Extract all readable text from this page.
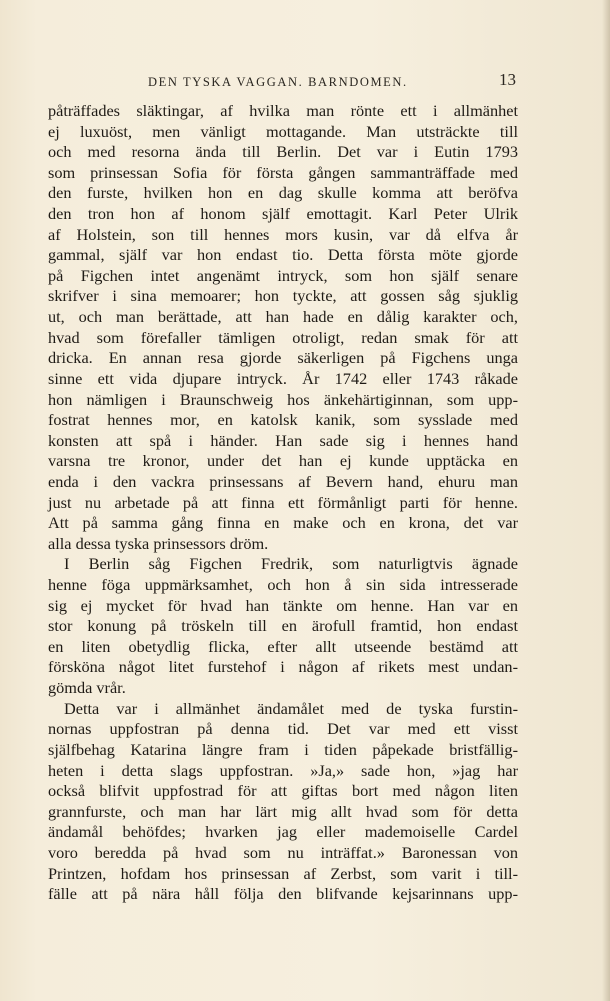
DEN TYSKA VAGGAN. BARNDOMEN.	13
påträffades släktingar, af hvilka man rönte ett i allmänhet
ej luxuöst, men vänligt mottagande. Man utsträckte till
och med resorna ända till Berlin. Det var i Eutin 1793
som prinsessan Sofia för första gången sammanträffade med
den furste, hvilken hon en dag skulle komma att beröfva
den tron hon af honom själf emottagit. Karl Peter Ulrik
af Holstein, son till hennes mors kusin, var då elfva år
gammal, själf var hon endast tio. Detta första möte gjorde
på Figchen intet angenämt intryck, som hon själf senare
skrifver i sina memoarer; hon tyckte, att gossen såg sjuklig
ut, och man berättade, att han hade en dålig karakter och,
hvad som förefaller tämligen otroligt, redan smak för att
dricka. En annan resa gjorde säkerligen på Figchens unga
sinne ett vida djupare intryck. År 1742 eller 1743 råkade
hon nämligen i Braunschweig hos änkehärtiginnan, som upp-
fostrat hennes mor, en katolsk kanik, som sysslade med
konsten att spå i händer. Han sade sig i hennes hand
varsna tre kronor, under det han ej kunde upptäcka en
enda i den vackra prinsessans af Bevern hand, ehuru man
just nu arbetade på att finna ett förmånligt parti för henne.
Att på samma gång finna en make och en krona, det var
alla dessa tyska prinsessors dröm.
I Berlin såg Figchen Fredrik, som naturligtvis ägnade
henne föga uppmärksamhet, och hon å sin sida intresserade
sig ej mycket för hvad han tänkte om henne. Han var en
stor konung på tröskeln till en ärofull framtid, hon endast
en liten obetydlig flicka, efter allt utseende bestämd att
försköna något litet furstehof i någon af rikets mest undan-
gömda vrår.
Detta var i allmänhet ändamålet med de tyska furstin-
nornas uppfostran på denna tid. Det var med ett visst
själfbehag Katarina längre fram i tiden påpekade bristfällig-
heten i detta slags uppfostran. »Ja,» sade hon, »jag har
också blifvit uppfostrad för att giftas bort med någon liten
grannfurste, och man har lärt mig allt hvad som för detta
ändamål behöfdes; hvarken jag eller mademoiselle Cardel
voro beredda på hvad som nu inträffat.» Baronessan von
Printzen, hofdam hos prinsessan af Zerbst, som varit i till-
fälle att på nära håll följa den blifvande kejsarinnans upp-
